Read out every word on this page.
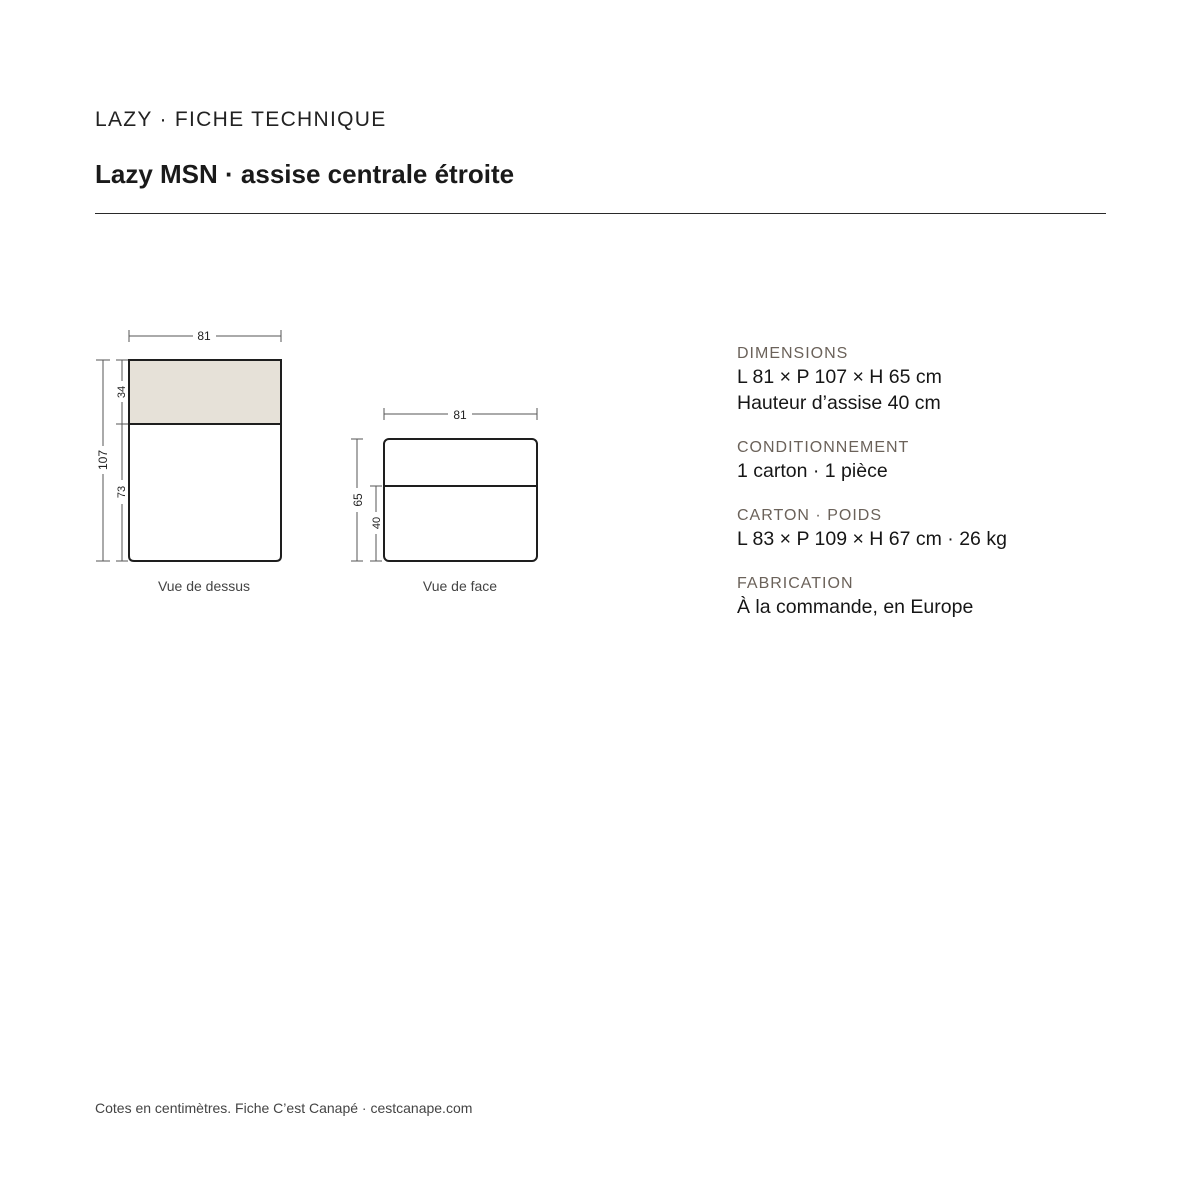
LAZY · FICHE TECHNIQUE
Lazy MSN · assise centrale étroite
81
107
34
73
Vue de dessus
81
65
40
Vue de face
DIMENSIONS
L 81 × P 107 × H 65 cm
Hauteur d’assise 40 cm
CONDITIONNEMENT
1 carton · 1 pièce
CARTON · POIDS
L 83 × P 109 × H 67 cm · 26 kg
FABRICATION
À la commande, en Europe
Cotes en centimètres. Fiche C’est Canapé · cestcanape.com
